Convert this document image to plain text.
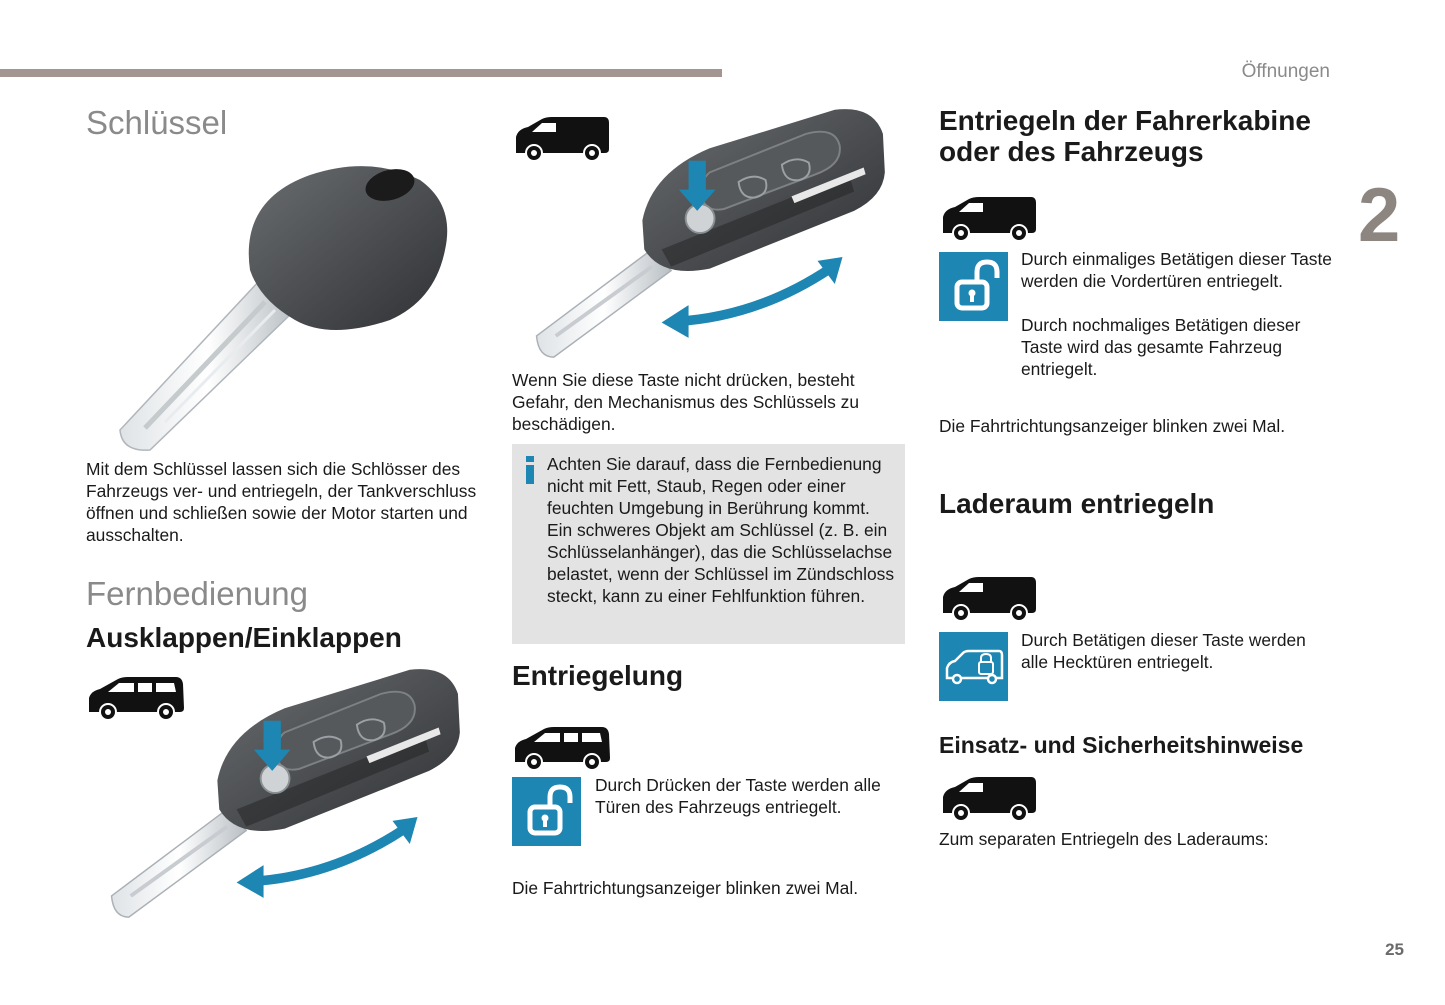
Öffnungen
2
25
Schlüssel
Mit dem Schlüssel lassen sich die Schlösser des Fahrzeugs ver- und entriegeln, der Tankverschluss öffnen und schließen sowie der Motor starten und ausschalten.
Fernbedienung
Ausklappen/Einklappen
Wenn Sie diese Taste nicht drücken, besteht Gefahr, den Mechanismus des Schlüssels zu beschädigen.
Achten Sie darauf, dass die Fernbedienung nicht mit Fett, Staub, Regen oder einer feuchten Umgebung in Berührung kommt. Ein schweres Objekt am Schlüssel (z. B. ein Schlüsselanhänger), das die Schlüsselachse belastet, wenn der Schlüssel im Zündschloss steckt, kann zu einer Fehlfunktion führen.
Entriegelung
Durch Drücken der Taste werden alle Türen des Fahrzeugs entriegelt.
Die Fahrtrichtungsanzeiger blinken zwei Mal.
Entriegeln der Fahrerkabine oder des Fahrzeugs
Durch einmaliges Betätigen dieser Taste werden die Vordertüren entriegelt.
Durch nochmaliges Betätigen dieser Taste wird das gesamte Fahrzeug entriegelt.
Die Fahrtrichtungsanzeiger blinken zwei Mal.
Laderaum entriegeln
Durch Betätigen dieser Taste werden alle Hecktüren entriegelt.
Einsatz- und Sicherheitshinweise
Zum separaten Entriegeln des Laderaums:
